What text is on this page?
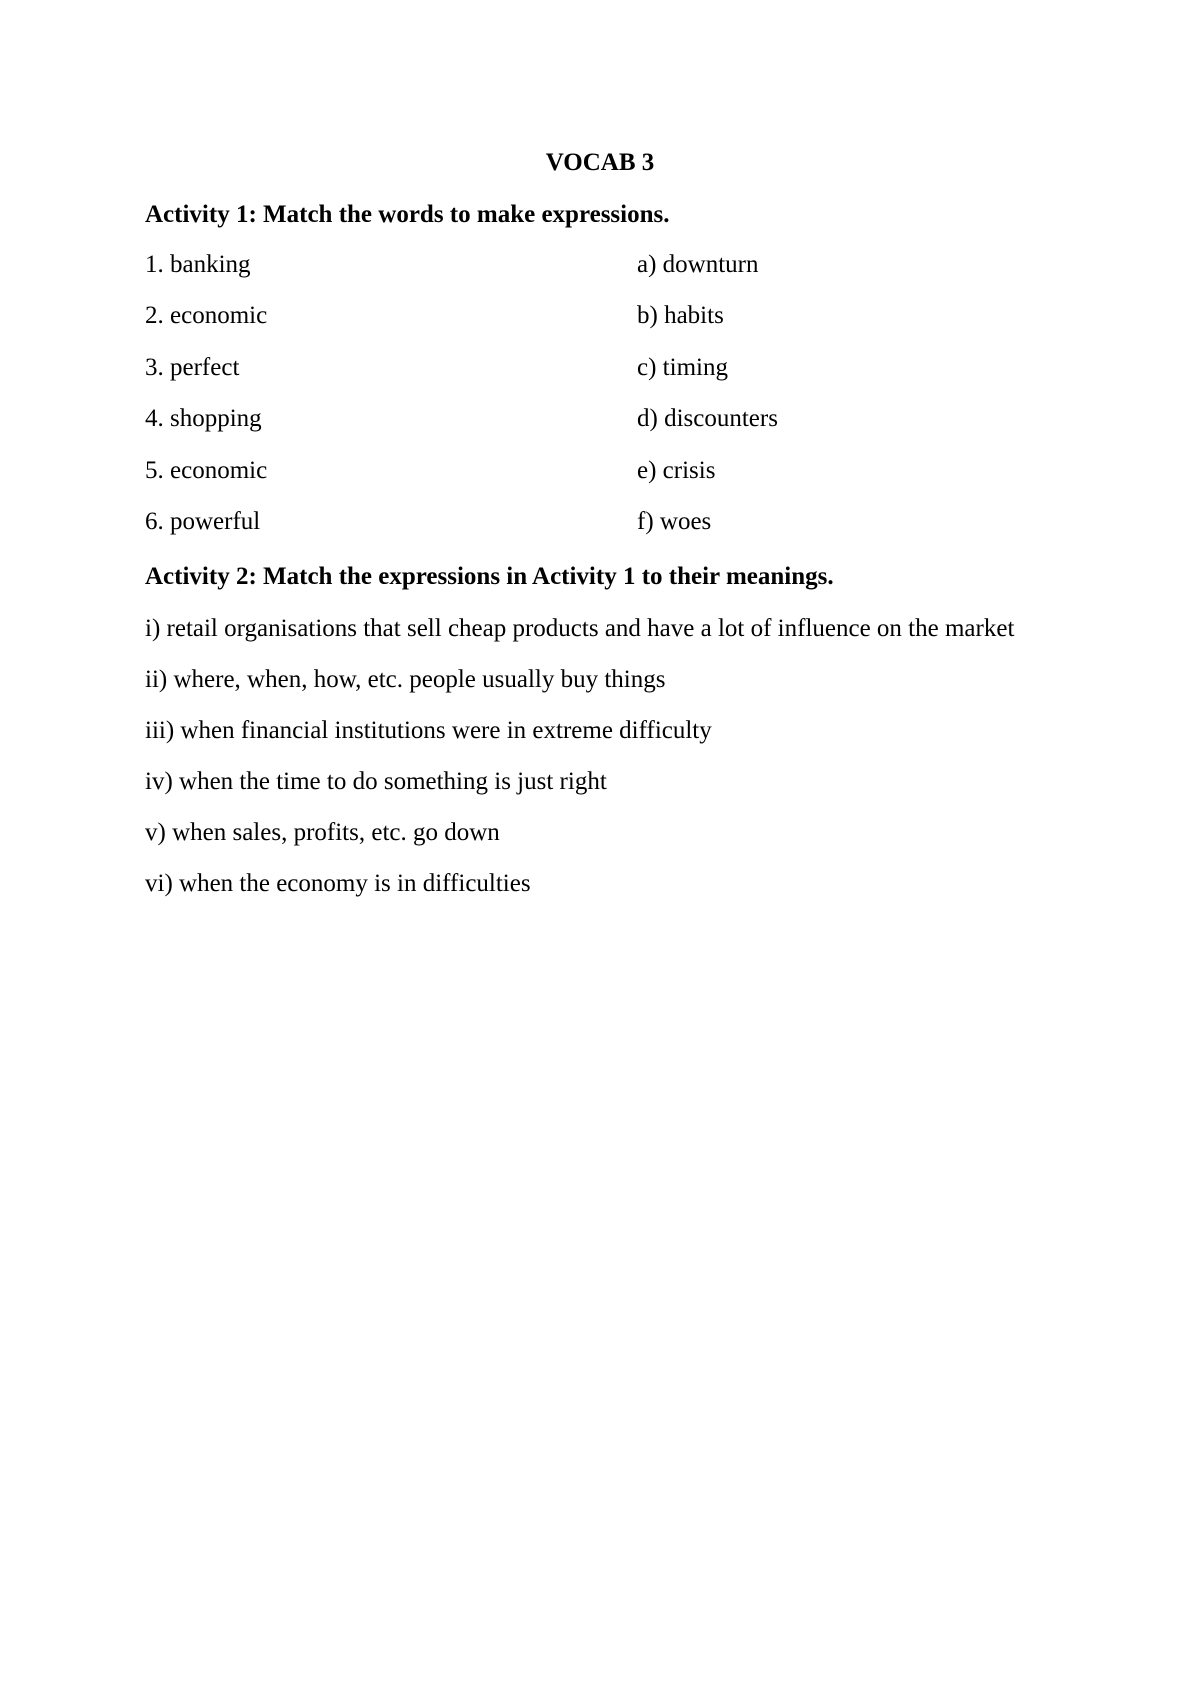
VOCAB 3
Activity 1: Match the words to make expressions.
1. banking	a) downturn
2. economic	b) habits
3. perfect	c) timing
4. shopping	d) discounters
5. economic	e) crisis
6. powerful	f) woes
Activity 2: Match the expressions in Activity 1 to their meanings.
i) retail organisations that sell cheap products and have a lot of influence on the market
ii) where, when, how, etc. people usually buy things
iii) when financial institutions were in extreme difficulty
iv) when the time to do something is just right
v) when sales, profits, etc. go down
vi) when the economy is in difficulties
